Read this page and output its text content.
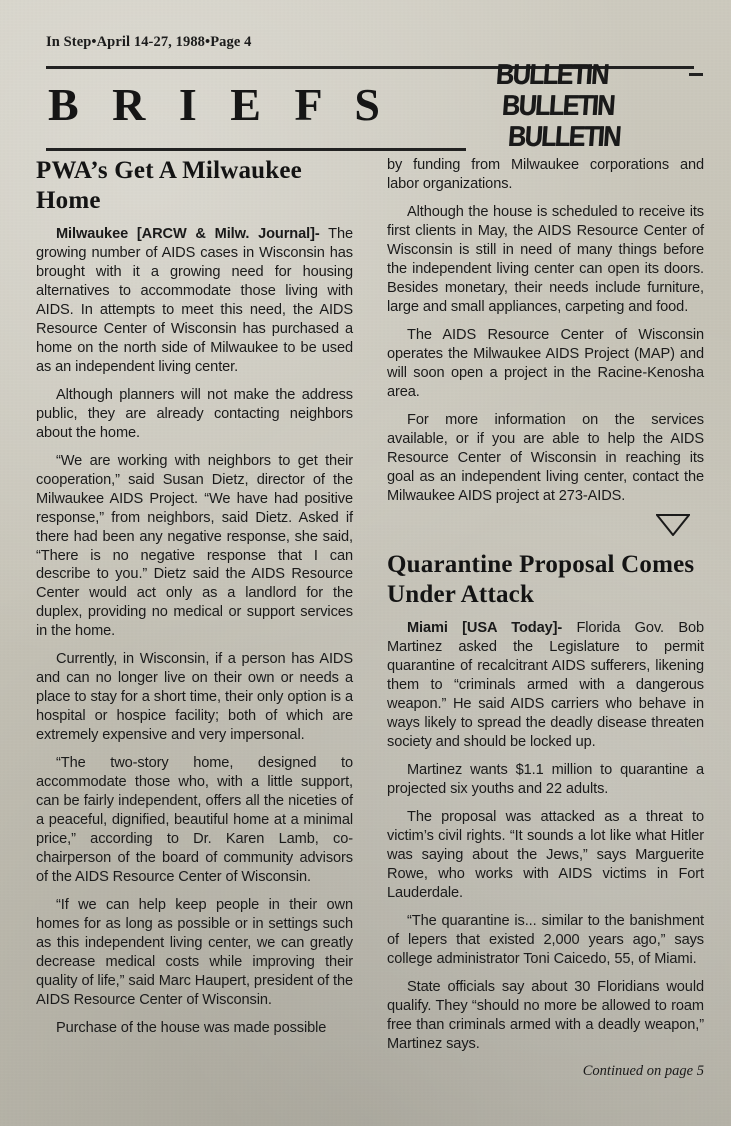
In Step•April 14-27, 1988•Page 4
B R I E F S
BULLETIN
BULLETIN
BULLETIN
PWA’s Get A Milwaukee Home

Milwaukee [ARCW & Milw. Journal]- The growing number of AIDS cases in Wisconsin has brought with it a growing need for housing alternatives to accommodate those living with AIDS. In attempts to meet this need, the AIDS Resource Center of Wisconsin has purchased a home on the north side of Milwaukee to be used as an independent living center.

Although planners will not make the address public, they are already contacting neighbors about the home.

“We are working with neighbors to get their cooperation,” said Susan Dietz, director of the Milwaukee AIDS Project. “We have had positive response,” from neighbors, said Dietz. Asked if there had been any negative response, she said, “There is no negative response that I can describe to you.” Dietz said the AIDS Resource Center would act only as a landlord for the duplex, providing no medical or support services in the home.

Currently, in Wisconsin, if a person has AIDS and can no longer live on their own or needs a place to stay for a short time, their only option is a hospital or hospice facility; both of which are extremely expensive and very impersonal.

“The two-story home, designed to accommodate those who, with a little support, can be fairly independent, offers all the niceties of a peaceful, dignified, beautiful home at a minimal price,” according to Dr. Karen Lamb, co-chairperson of the board of community advisors of the AIDS Resource Center of Wisconsin.

“If we can help keep people in their own homes for as long as possible or in settings such as this independent living center, we can greatly decrease medical costs while improving their quality of life,” said Marc Haupert, president of the AIDS Resource Center of Wisconsin.

Purchase of the house was made possible

by funding from Milwaukee corporations and labor organizations.

Although the house is scheduled to receive its first clients in May, the AIDS Resource Center of Wisconsin is still in need of many things before the independent living center can open its doors. Besides monetary, their needs include furniture, large and small appliances, carpeting and food.

The AIDS Resource Center of Wisconsin operates the Milwaukee AIDS Project (MAP) and will soon open a project in the Racine-Kenosha area.

For more information on the services available, or if you are able to help the AIDS Resource Center of Wisconsin in reaching its goal as an independent living center, contact the Milwaukee AIDS project at 273-AIDS.

Quarantine Proposal Comes Under Attack

Miami [USA Today]- Florida Gov. Bob Martinez asked the Legislature to permit quarantine of recalcitrant AIDS sufferers, likening them to “criminals armed with a dangerous weapon.” He said AIDS carriers who behave in ways likely to spread the deadly disease threaten society and should be locked up.

Martinez wants $1.1 million to quarantine a projected six youths and 22 adults.

The proposal was attacked as a threat to victim’s civil rights. “It sounds a lot like what Hitler was saying about the Jews,” says Marguerite Rowe, who works with AIDS victims in Fort Lauderdale.

“The quarantine is... similar to the banishment of lepers that existed 2,000 years ago,” says college administrator Toni Caicedo, 55, of Miami.

State officials say about 30 Floridians would qualify. They “should no more be allowed to roam free than criminals armed with a deadly weapon,” Martinez says.

Continued on page 5
